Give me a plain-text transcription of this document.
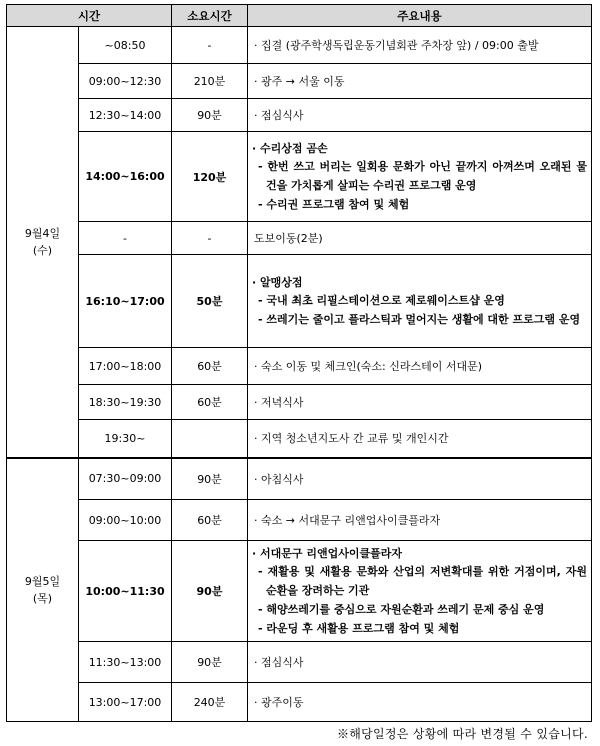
시간		소요시간	주요내용

9월4일
(수)	~08:50	-	· 집결 (광주학생독립운동기념회관 주차장 앞) / 09:00 출발

	09:00~12:30	210분	· 광주 → 서울 이동

	12:30~14:00	90분	· 점심식사

	14:00~16:00	120분	· 수리상점 곰손
- 한번 쓰고 버리는 일회용 문화가 아닌 끝까지 아껴쓰며 오래된 물건을 가치롭게 살피는 수리권 프로그램 운영
- 수리권 프로그램 참여 및 체험

	-	-	도보이동(2분)

	16:10~17:00	50분	· 알맹상점
- 국내 최초 리필스테이션으로 제로웨이스트샵 운영
- 쓰레기는 줄이고 플라스틱과 멀어지는 생활에 대한 프로그램 운영

	17:00~18:00	60분	· 숙소 이동 및 체크인(숙소: 신라스테이 서대문)

	18:30~19:30	60분	· 저녁식사

	19:30~		· 지역 청소년지도사 간 교류 및 개인시간

9월5일
(목)	07:30~09:00	90분	· 아침식사

	09:00~10:00	60분	· 숙소 → 서대문구 리앤업사이클플라자

	10:00~11:30	90분	· 서대문구 리앤업사이클플라자
- 재활용 및 새활용 문화와 산업의 저변확대를 위한 거점이며, 자원순환을 장려하는 기관
- 해양쓰레기를 중심으로 자원순환과 쓰레기 문제 중심 운영
- 라운딩 후 새활용 프로그램 참여 및 체험

	11:30~13:00	90분	· 점심식사

	13:00~17:00	240분	· 광주이동
※해당일정은 상황에 따라 변경될 수 있습니다.
